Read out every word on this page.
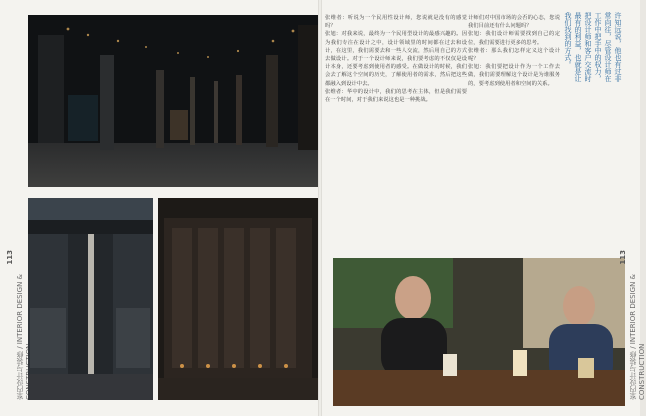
113
室内设计与装修 / INTERIOR DESIGN &

张维者：听说为一个民用性设计师，您说就是没有的感觉吗？

张旭：对我来说，最终为一个民用型设计的最感兴趣的。因为我们专注在设计之中，设计领域里的时间都在过去和设计，在这里，我们需要去和一些人交流，然后用自己的方式去做设计。对于一个设计师来说，我们要考虑的不仅仅是设计本身，还要考虑到使用者的感受。在做设计的时候，我们会去了解这个空间的历史，了解使用者的需求，然后把这些都融入到设计中去。

张维者：华中的设计中，我们的思考在主体，但是我们需要在一个时间，对于我们来说这也是一种挑战。

计师们对中国市场的会否的心态，您说我们目前还有什么问题吗？

张旭：我们设计师需要找到自己的定位，我们需要进行更多的思考。

张维者：那么我们怎样定义这个设计呢？

张旭：我们要把设计作为一个工作去做，我们需要理解这个设计是为谁服务的，要考虑到使用者和空间的关系。

许知远说，他也有过非常向往，尽管设计师在工作中把手中的权力，把设计师和客户交流时最有的利益，也就是让我们找到的方式。
113
室内设计与装修 / INTERIOR DESIGN & CONSTRUCTION
